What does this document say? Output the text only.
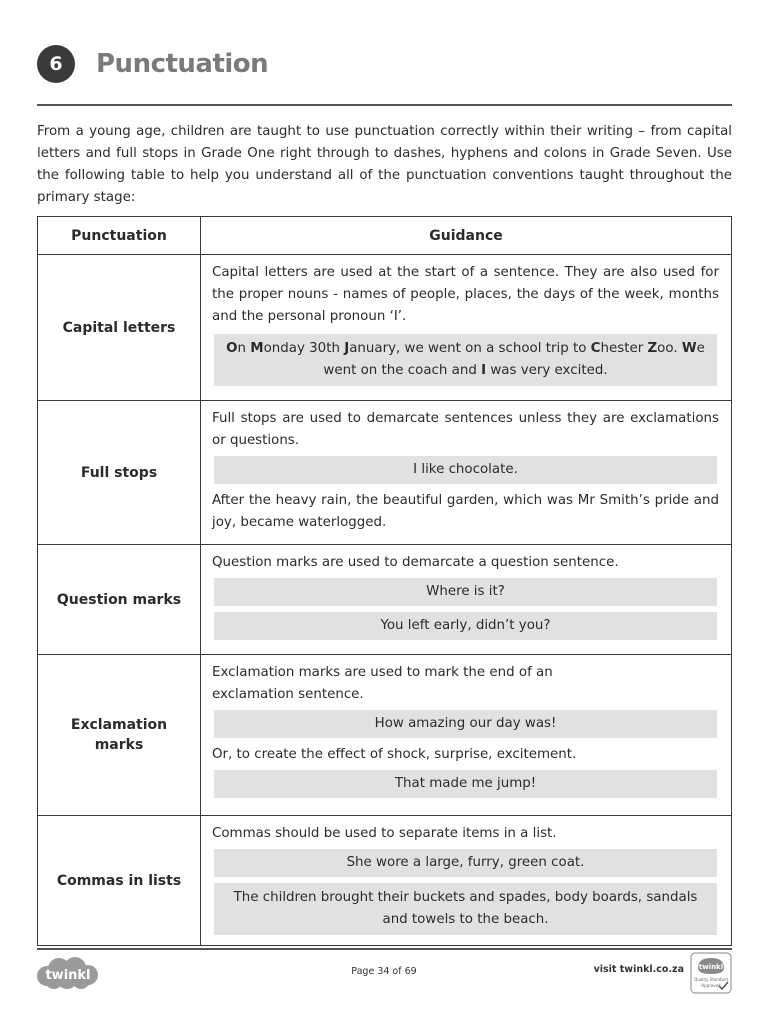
6	Punctuation
From a young age, children are taught to use punctuation correctly within their writing – from capital letters and full stops in Grade One right through to dashes, hyphens and colons in Grade Seven. Use the following table to help you understand all of the punctuation conventions taught throughout the primary stage:
Punctuation	Guidance
Capital letters	Capital letters are used at the start of a sentence. They are also used for the proper nouns - names of people, places, the days of the week, months and the personal pronoun ‘I’.
On Monday 30th January, we went on a school trip to Chester Zoo. We went on the coach and I was very excited.

Full stops	Full stops are used to demarcate sentences unless they are exclamations or questions.
I like chocolate.
After the heavy rain, the beautiful garden, which was Mr Smith’s pride and joy, became waterlogged.

Question marks	Question marks are used to demarcate a question sentence.
Where is it?
You left early, didn’t you?

Exclamation marks	Exclamation marks are used to mark the end of an exclamation sentence.
How amazing our day was!
Or, to create the effect of shock, surprise, excitement.
That made me jump!

Commas in lists	Commas should be used to separate items in a list.
She wore a large, furry, green coat.
The children brought their buckets and spades, body boards, sandals and towels to the beach.
twinkl	Page 34 of 69	visit twinkl.co.za twinkl
Quality Standard
Approved
